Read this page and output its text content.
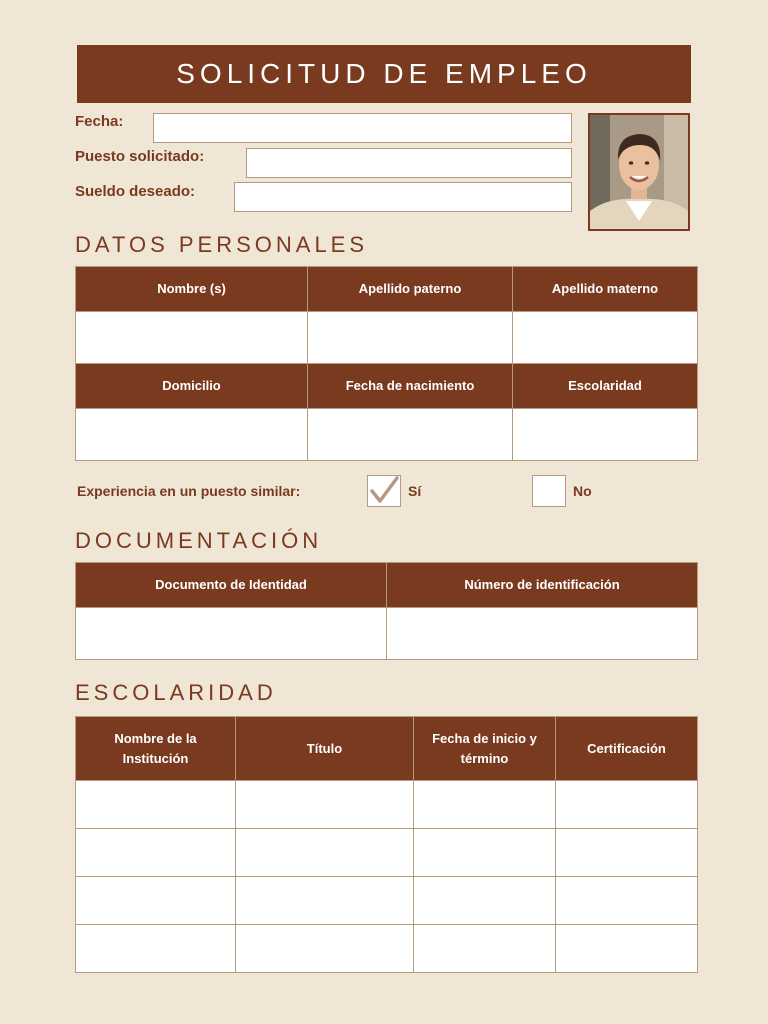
SOLICITUD DE EMPLEO
Fecha:
Puesto solicitado:
Sueldo deseado:
DATOS PERSONALES
Nombre (s)	Apellido paterno	Apellido materno

Domicilio	Fecha de nacimiento	Escolaridad

Experiencia en un puesto similar:	Sí	No
DOCUMENTACIÓN
Documento de Identidad	Número de identificación

ESCOLARIDAD
Nombre de la Institución	Título	Fecha de inicio y término	Certificación
